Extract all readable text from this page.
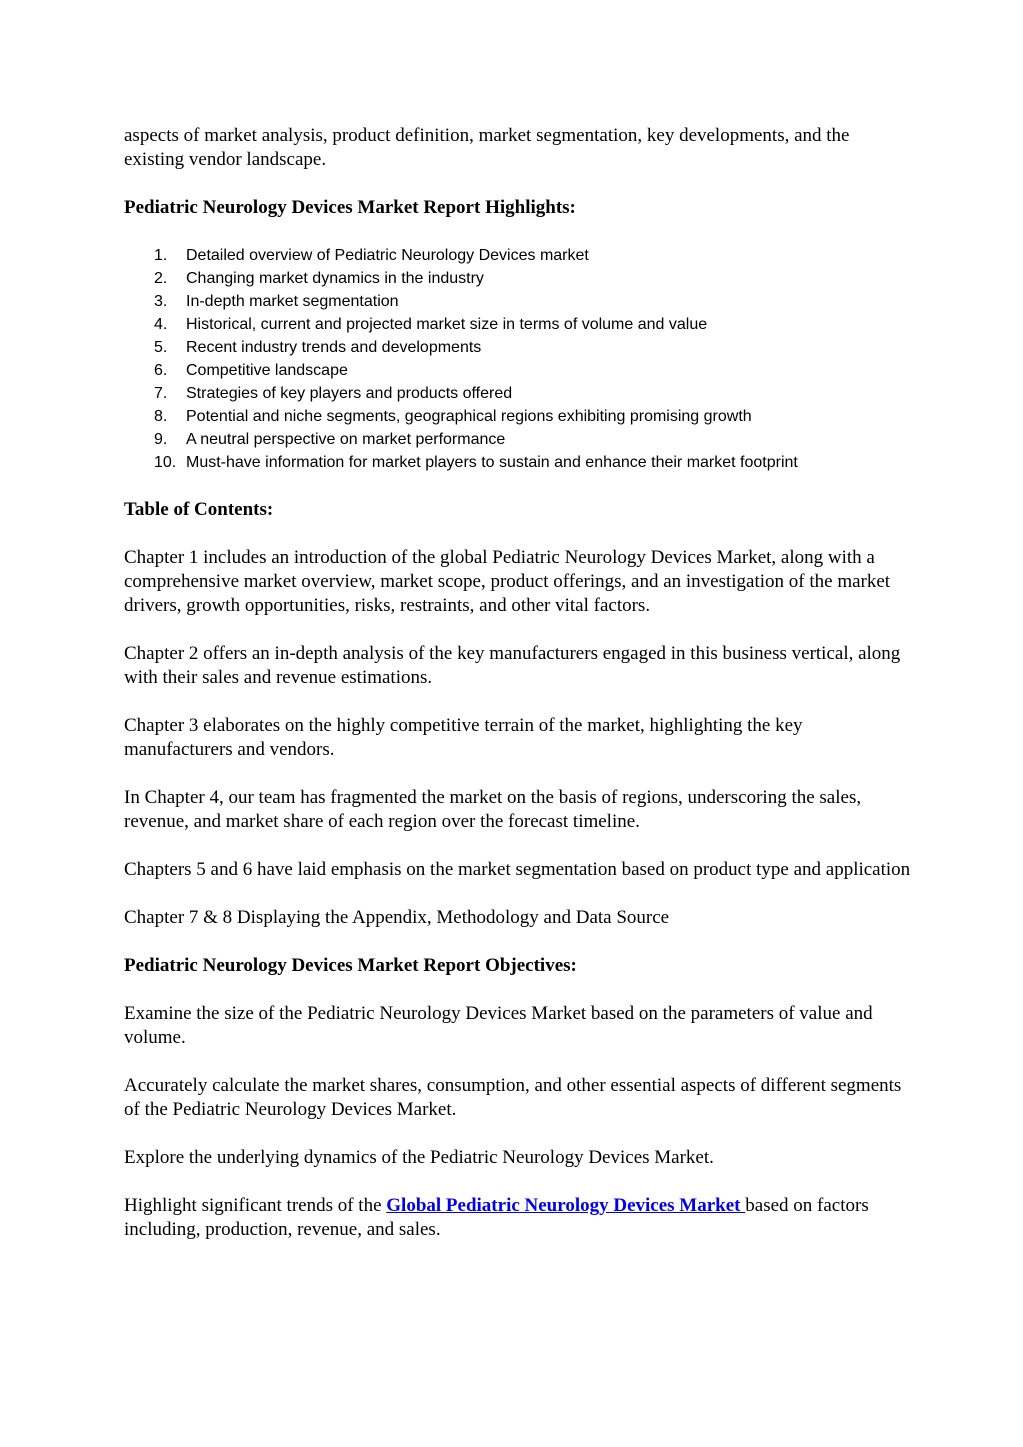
aspects of market analysis, product definition, market segmentation, key developments, and the existing vendor landscape.

Pediatric Neurology Devices Market Report Highlights:

1. Detailed overview of Pediatric Neurology Devices market
2. Changing market dynamics in the industry
3. In-depth market segmentation
4. Historical, current and projected market size in terms of volume and value
5. Recent industry trends and developments
6. Competitive landscape
7. Strategies of key players and products offered
8. Potential and niche segments, geographical regions exhibiting promising growth
9. A neutral perspective on market performance
10. Must-have information for market players to sustain and enhance their market footprint

Table of Contents:

Chapter 1 includes an introduction of the global Pediatric Neurology Devices Market, along with a comprehensive market overview, market scope, product offerings, and an investigation of the market drivers, growth opportunities, risks, restraints, and other vital factors.

Chapter 2 offers an in-depth analysis of the key manufacturers engaged in this business vertical, along with their sales and revenue estimations.

Chapter 3 elaborates on the highly competitive terrain of the market, highlighting the key manufacturers and vendors.

In Chapter 4, our team has fragmented the market on the basis of regions, underscoring the sales, revenue, and market share of each region over the forecast timeline.

Chapters 5 and 6 have laid emphasis on the market segmentation based on product type and application

Chapter 7 & 8 Displaying the Appendix, Methodology and Data Source

Pediatric Neurology Devices Market Report Objectives:

Examine the size of the Pediatric Neurology Devices Market based on the parameters of value and volume.

Accurately calculate the market shares, consumption, and other essential aspects of different segments of the Pediatric Neurology Devices Market.

Explore the underlying dynamics of the Pediatric Neurology Devices Market.

Highlight significant trends of the Global Pediatric Neurology Devices Market based on factors including, production, revenue, and sales.
